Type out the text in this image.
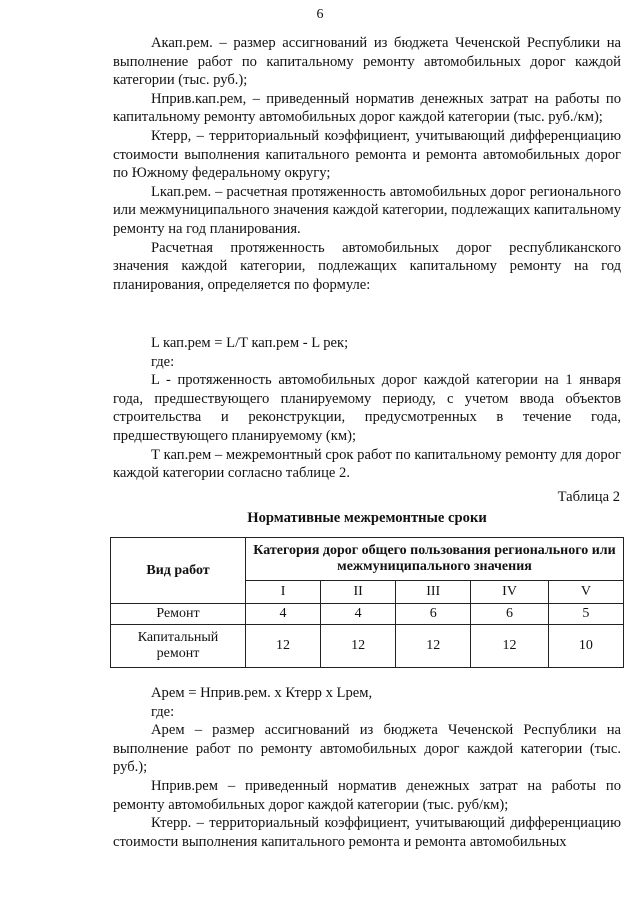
6

Акап.рем. – размер ассигнований из бюджета Чеченской Республики на выполнение работ по капитальному ремонту автомобильных дорог каждой категории (тыс. руб.);

Нприв.кап.рем, – приведенный норматив денежных затрат на работы по капитальному ремонту автомобильных дорог каждой категории (тыс. руб./км);

Ктерр, – территориальный коэффициент, учитывающий дифференциацию стоимости выполнения капитального ремонта и ремонта автомобильных дорог по Южному федеральному округу;

Lкап.рем. – расчетная протяженность автомобильных дорог регионального или межмуниципального значения каждой категории, подлежащих капитальному ремонту на год планирования.

Расчетная протяженность автомобильных дорог республиканского значения каждой категории, подлежащих капитальному ремонту на год планирования, определяется по формуле:

L кап.рем = L/T кап.рем - L рек;

где:

L - протяженность автомобильных дорог каждой категории на 1 января года, предшествующего планируемому периоду, с учетом ввода объектов строительства и реконструкции, предусмотренных в течение года, предшествующего планируемому (км);

Т кап.рем – межремонтный срок работ по капитальному ремонту для дорог каждой категории согласно таблице 2.

Таблица 2
Нормативные межремонтные сроки
Вид работ	Категория дорог общего пользования регионального или межмуниципального значения				
	I	II	III	IV	V
Ремонт	4	4	6	6	5
Капитальный ремонт	12	12	12	12	10

Арем = Нприв.рем. х Ктерр х Lрем,

где:

Арем – размер ассигнований из бюджета Чеченской Республики на выполнение работ по ремонту автомобильных дорог каждой категории (тыс. руб.);

Нприв.рем – приведенный норматив денежных затрат на работы по ремонту автомобильных дорог каждой категории (тыс. руб/км);

Ктерр. – территориальный коэффициент, учитывающий дифференциацию стоимости выполнения капитального ремонта и ремонта автомобильных
